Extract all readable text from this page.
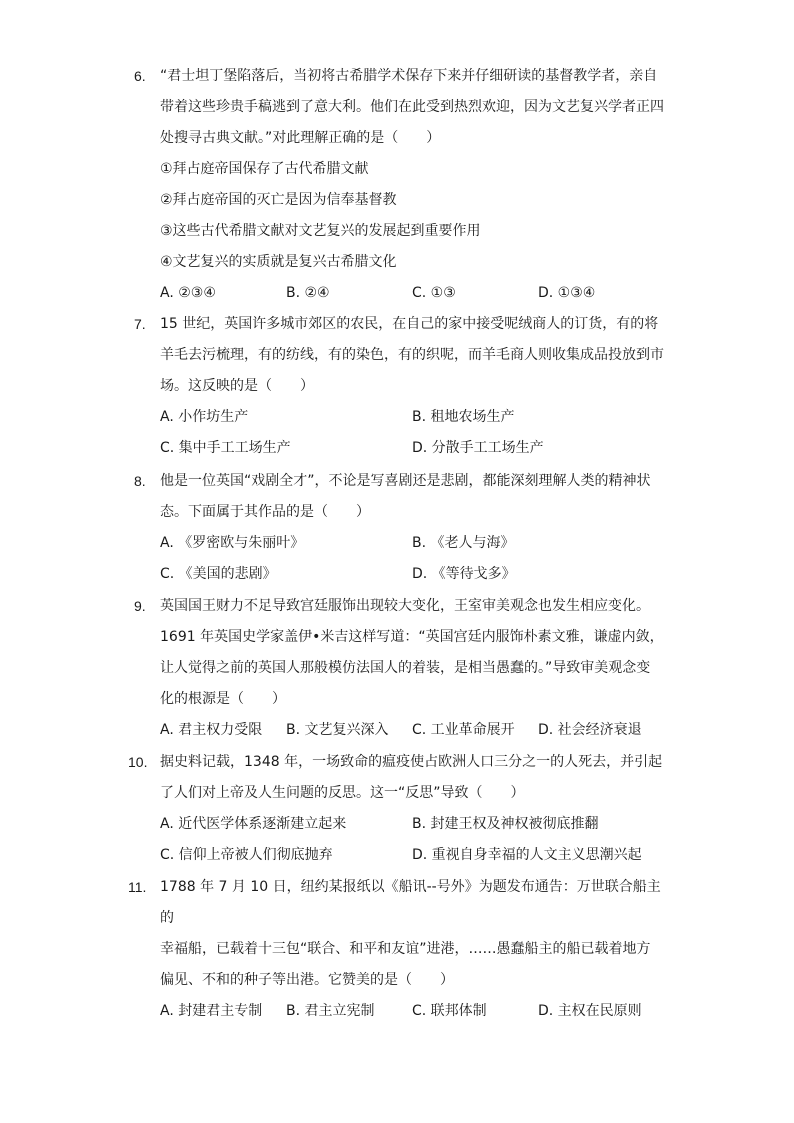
6. “君士坦丁堡陷落后，当初将古希腊学术保存下来并仔细研读的基督教学者，亲自

带着这些珍贵手稿逃到了意大利。他们在此受到热烈欢迎，因为文艺复兴学者正四

处搜寻古典文献。”对此理解正确的是（　　）

①拜占庭帝国保存了古代希腊文献

②拜占庭帝国的灭亡是因为信奉基督教

③这些古代希腊文献对文艺复兴的发展起到重要作用

④文艺复兴的实质就是复兴古希腊文化

A. ②③④	B. ②④	C. ①③	D. ①③④
7. 15 世纪，英国许多城市郊区的农民，在自己的家中接受呢绒商人的订货，有的将

羊毛去污梳理，有的纺线，有的染色，有的织呢，而羊毛商人则收集成品投放到市

场。这反映的是（　　）

A. 小作坊生产	B. 租地农场生产
C. 集中手工工场生产	D. 分散手工工场生产
8. 他是一位英国“戏剧全才”，不论是写喜剧还是悲剧，都能深刻理解人类的精神状

态。下面属于其作品的是（　　）

A. 《罗密欧与朱丽叶》	B. 《老人与海》
C. 《美国的悲剧》	D. 《等待戈多》
9. 英国国王财力不足导致宫廷服饰出现较大变化，王室审美观念也发生相应变化。

1691 年英国史学家盖伊•米吉这样写道：“英国宫廷内服饰朴素文雅，谦虚内敛，

让人觉得之前的英国人那般模仿法国人的着装，是相当愚蠢的。”导致审美观念变

化的根源是（　　）

A. 君主权力受限 B. 文艺复兴深入 C. 工业革命展开 D. 社会经济衰退
10. 据史料记载，1348 年，一场致命的瘟疫使占欧洲人口三分之一的人死去，并引起

了人们对上帝及人生问题的反思。这一“反思”导致（　　）

A. 近代医学体系逐渐建立起来	B. 封建王权及神权被彻底推翻
C. 信仰上帝被人们彻底抛弃	D. 重视自身幸福的人文主义思潮兴起
11. 1788 年 7 月 10 日，纽约某报纸以《船讯--号外》为题发布通告：万世联合船主的

幸福船，已载着十三包“联合、和平和友谊”进港，……愚蠢船主的船已载着地方

偏见、不和的种子等出港。它赞美的是（　　）

A. 封建君主专制 B. 君主立宪制	C. 联邦体制	D. 主权在民原则
